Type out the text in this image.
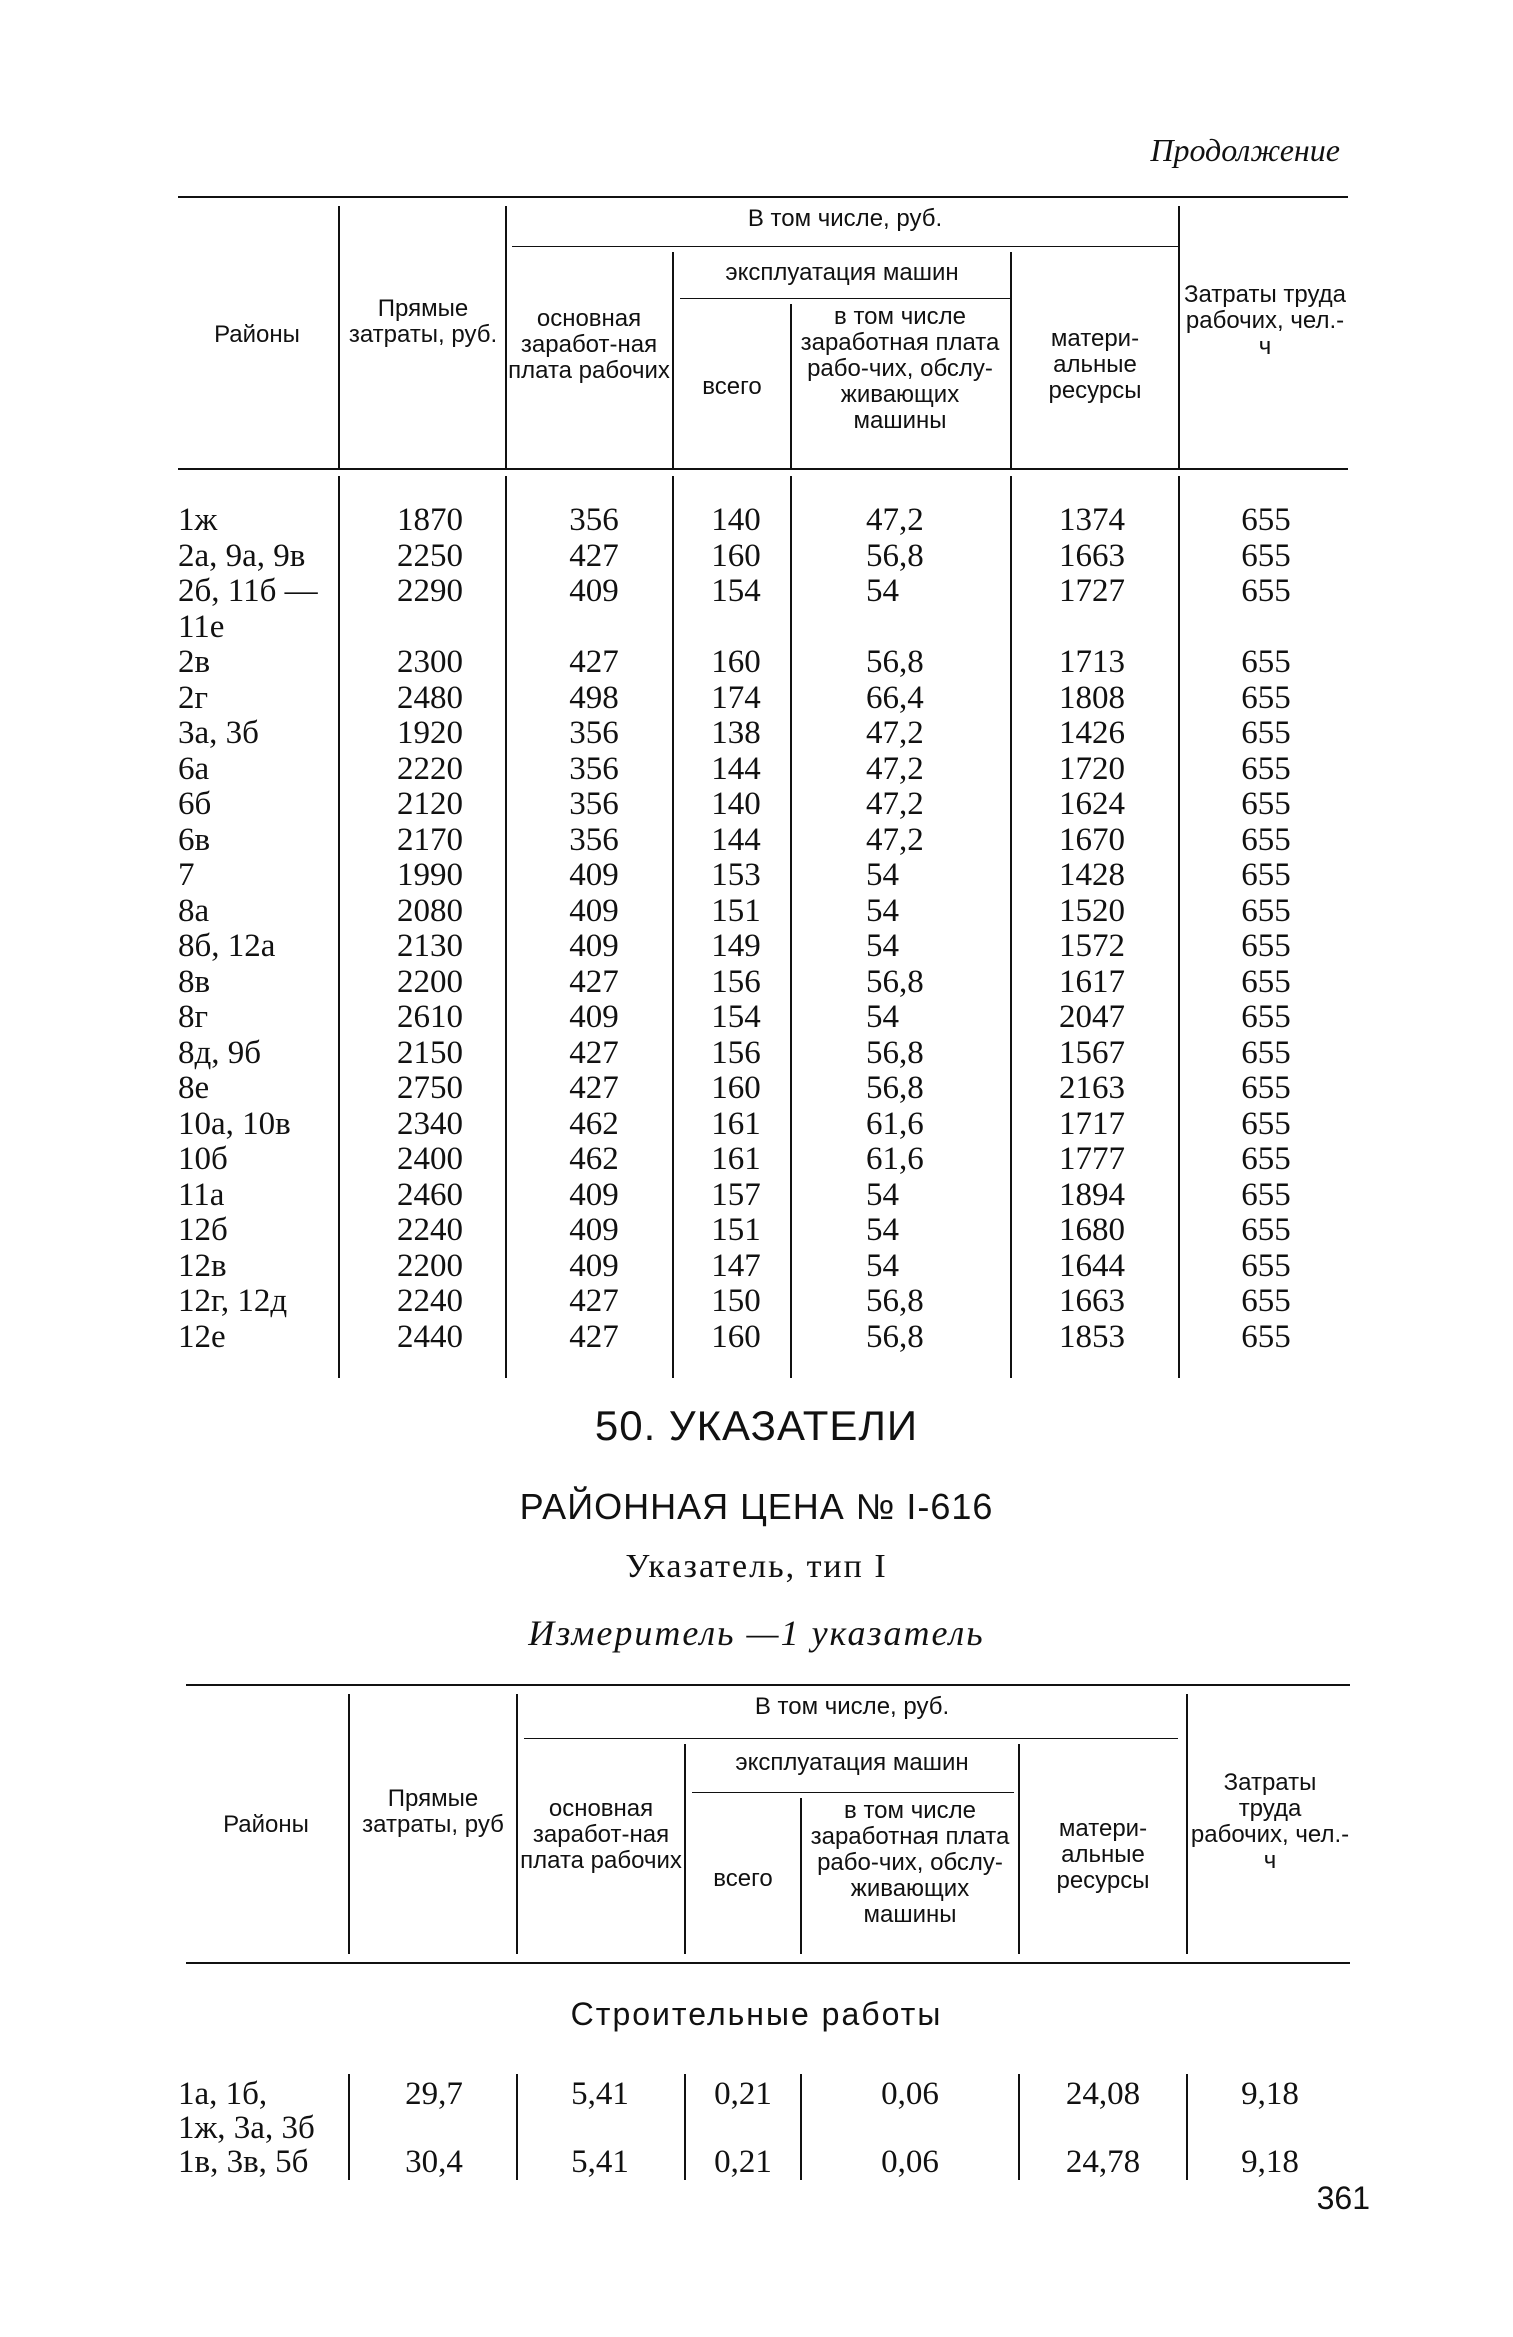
Продолжение
Районы
Прямые затраты, руб.
В том числе, руб.
основная заработ-ная плата рабочих
эксплуатация машин
всего
в том числе заработная плата рабо-чих, обслу-живающих машины
матери-альные ресурсы
Затраты труда рабочих, чел.-ч
1ж	1870	356	140	47,2	1374	655
2а, 9а, 9в	2250	427	160	56,8	1663	655
2б, 11б —	2290	409	154	54	1727	655
11е
2в	2300	427	160	56,8	1713	655
2г	2480	498	174	66,4	1808	655
3а, 3б	1920	356	138	47,2	1426	655
6а	2220	356	144	47,2	1720	655
6б	2120	356	140	47,2	1624	655
6в	2170	356	144	47,2	1670	655
7	1990	409	153	54	1428	655
8а	2080	409	151	54	1520	655
8б, 12а	2130	409	149	54	1572	655
8в	2200	427	156	56,8	1617	655
8г	2610	409	154	54	2047	655
8д, 9б	2150	427	156	56,8	1567	655
8е	2750	427	160	56,8	2163	655
10а, 10в	2340	462	161	61,6	1717	655
10б	2400	462	161	61,6	1777	655
11а	2460	409	157	54	1894	655
12б	2240	409	151	54	1680	655
12в	2200	409	147	54	1644	655
12г, 12д	2240	427	150	56,8	1663	655
12е	2440	427	160	56,8	1853	655
50. УКАЗАТЕЛИ
РАЙОННАЯ ЦЕНА № I-616
Указатель, тип I
Измеритель —1 указатель
Районы
Прямые затраты, руб
В том числе, руб.
основная заработ-ная плата рабочих
эксплуатация машин
всего
в том числе заработная плата рабо-чих, обслу-живающих машины
матери-альные ресурсы
Затраты труда рабочих, чел.-ч
Строительные работы
1а, 1б,	29,7	5,41	0,21	0,06	24,08	9,18
1ж, 3а, 3б
1в, 3в, 5б	30,4	5,41	0,21	0,06	24,78	9,18
361
